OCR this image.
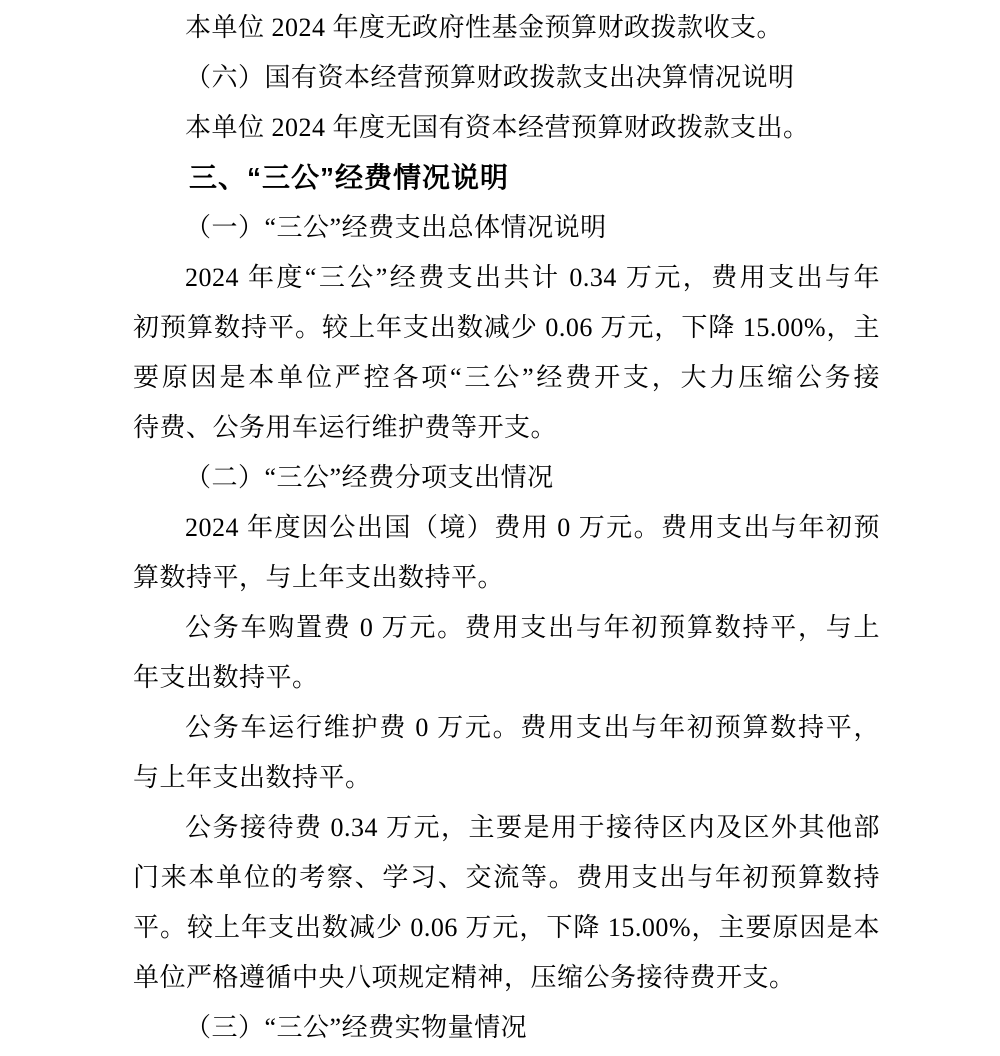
本单位 2024 年度无政府性基金预算财政拨款收支。
（六）国有资本经营预算财政拨款支出决算情况说明
本单位 2024 年度无国有资本经营预算财政拨款支出。
三、“三公”经费情况说明
（一）“三公”经费支出总体情况说明
2024 年度“三公”经费支出共计 0.34 万元，费用支出与年
初预算数持平。较上年支出数减少 0.06 万元，下降 15.00%，主
要原因是本单位严控各项“三公”经费开支，大力压缩公务接
待费、公务用车运行维护费等开支。
（二）“三公”经费分项支出情况
2024 年度因公出国（境）费用 0 万元。费用支出与年初预
算数持平，与上年支出数持平。
公务车购置费 0 万元。费用支出与年初预算数持平，与上
年支出数持平。
公务车运行维护费 0 万元。费用支出与年初预算数持平，
与上年支出数持平。
公务接待费 0.34 万元，主要是用于接待区内及区外其他部
门来本单位的考察、学习、交流等。费用支出与年初预算数持
平。较上年支出数减少 0.06 万元，下降 15.00%，主要原因是本
单位严格遵循中央八项规定精神，压缩公务接待费开支。
（三）“三公”经费实物量情况
